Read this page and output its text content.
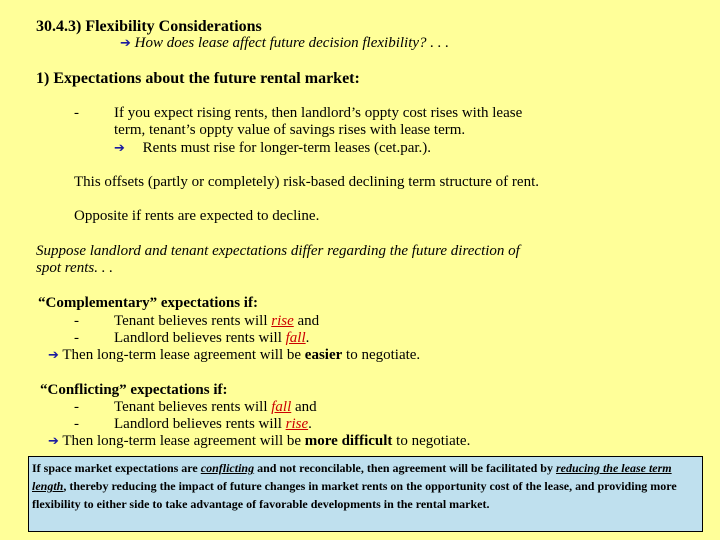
30.4.3) Flexibility Considerations
➔ How does lease affect future decision flexibility? . . .
1) Expectations about the future rental market:
- If you expect rising rents, then landlord’s oppty cost rises with lease
term, tenant’s oppty value of savings rises with lease term.
➔ Rents must rise for longer-term leases (cet.par.).
This offsets (partly or completely) risk-based declining term structure of rent.
Opposite if rents are expected to decline.
Suppose landlord and tenant expectations differ regarding the future direction of
spot rents. . .
“Complementary” expectations if:
- Tenant believes rents will rise and
- Landlord believes rents will fall.
➔ Then long-term lease agreement will be easier to negotiate.
“Conflicting” expectations if:
- Tenant believes rents will fall and
- Landlord believes rents will rise.
➔ Then long-term lease agreement will be more difficult to negotiate.
If space market expectations are conflicting and not reconcilable, then agreement will be facilitated by reducing the lease term length, thereby reducing the impact of future changes in market rents on the opportunity cost of the lease, and providing more flexibility to either side to take advantage of favorable developments in the rental market.
